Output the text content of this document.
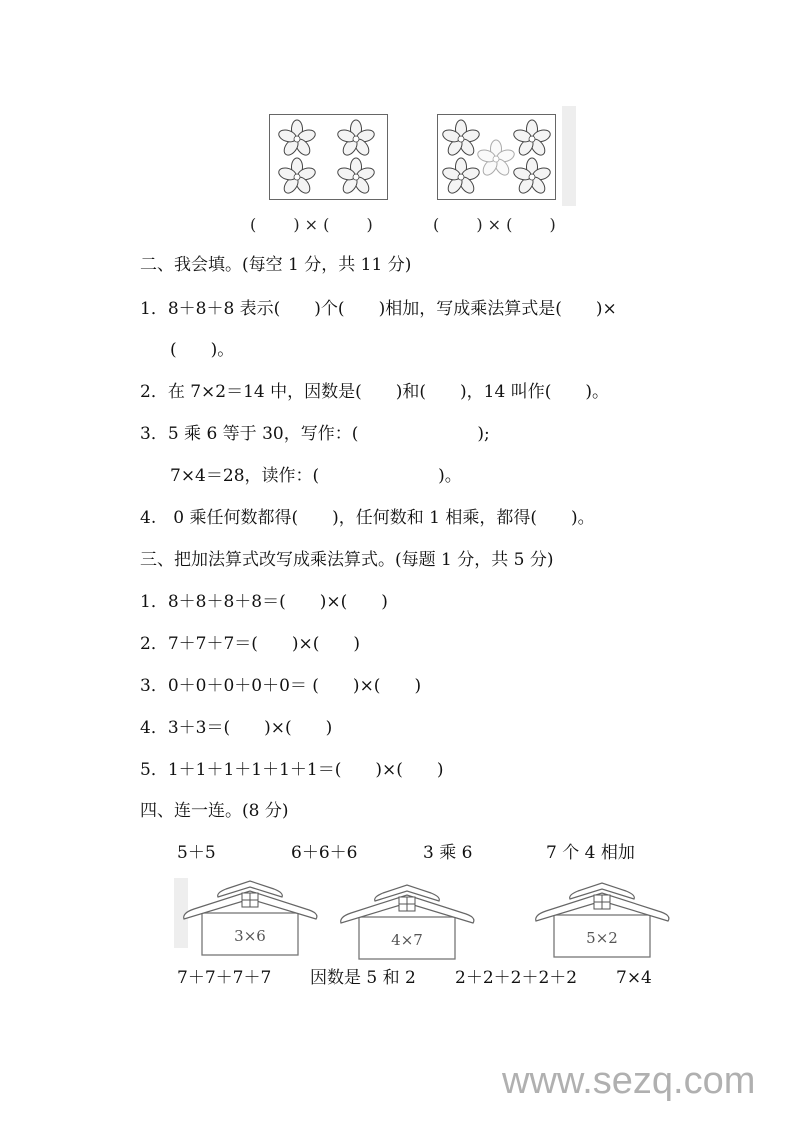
(　　 ) × (　　 )	(　　 ) × (　　 )
二、我会填。(每空 1 分，共 11 分)
1．8＋8＋8 表示(　　)个(　　)相加，写成乘法算式是(　　)×
(　　)。
2．在 7×2＝14 中，因数是(　　)和(　　)，14 叫作(　　)。
3．5 乘 6 等于 30，写作：(　　　　　　　);
7×4＝28，读作：(　　　　　　　)。
4.　0 乘任何数都得(　　)，任何数和 1 相乘，都得(　　)。
三、把加法算式改写成乘法算式。(每题 1 分，共 5 分)
1．8＋8＋8＋8＝(　　)×(　　)
2．7＋7＋7＝(　　)×(　　)
3．0＋0＋0＋0＋0＝ (　　)×(　　)
4．3＋3＝(　　)×(　　)
5．1＋1＋1＋1＋1＋1＝(　　)×(　　)
四、连一连。(8 分)
5＋5	6＋6＋6	3 乘 6	7 个 4 相加
3×6	4×7	5×2
7＋7＋7＋7 因数是 5 和 2 2＋2＋2＋2＋2 7×4
www.sezq.com
